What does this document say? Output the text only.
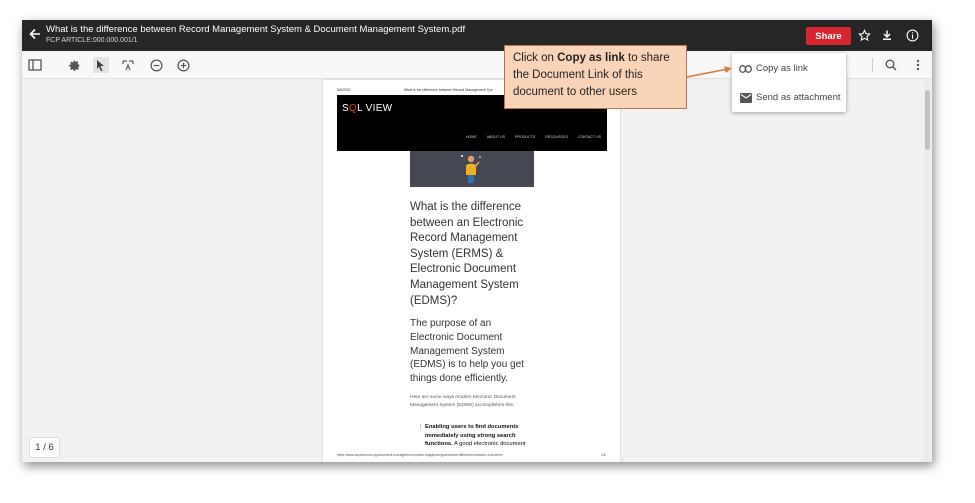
What is the difference between Record Management System & Document Management System.pdf
FCP ARTICLE:000.000.001/1	Share
3/6/2020	What is the difference between Record Management Sys
SQL VIEW
HOME	ABOUT US	PRODUCTS	RESOURCES	CONTACT US
What is the difference between an Electronic Record Management System (ERMS) & Electronic Document Management System (EDMS)?
The purpose of an Electronic Document Management System (EDMS) is to help you get things done efficiently.
Here are some ways modern Electonic Document Management System (EDMS) accomplishes this:
| Enabling users to find documents immediately using strong search functions. A good electronic document
https://www.sqlview.com.sg/document-management-system-singapore/governance/difference-between-rms-drms/	1/8
1 / 6
Copy as link
Send as attachment
Click on Copy as link to share the Document Link of this document to other users
